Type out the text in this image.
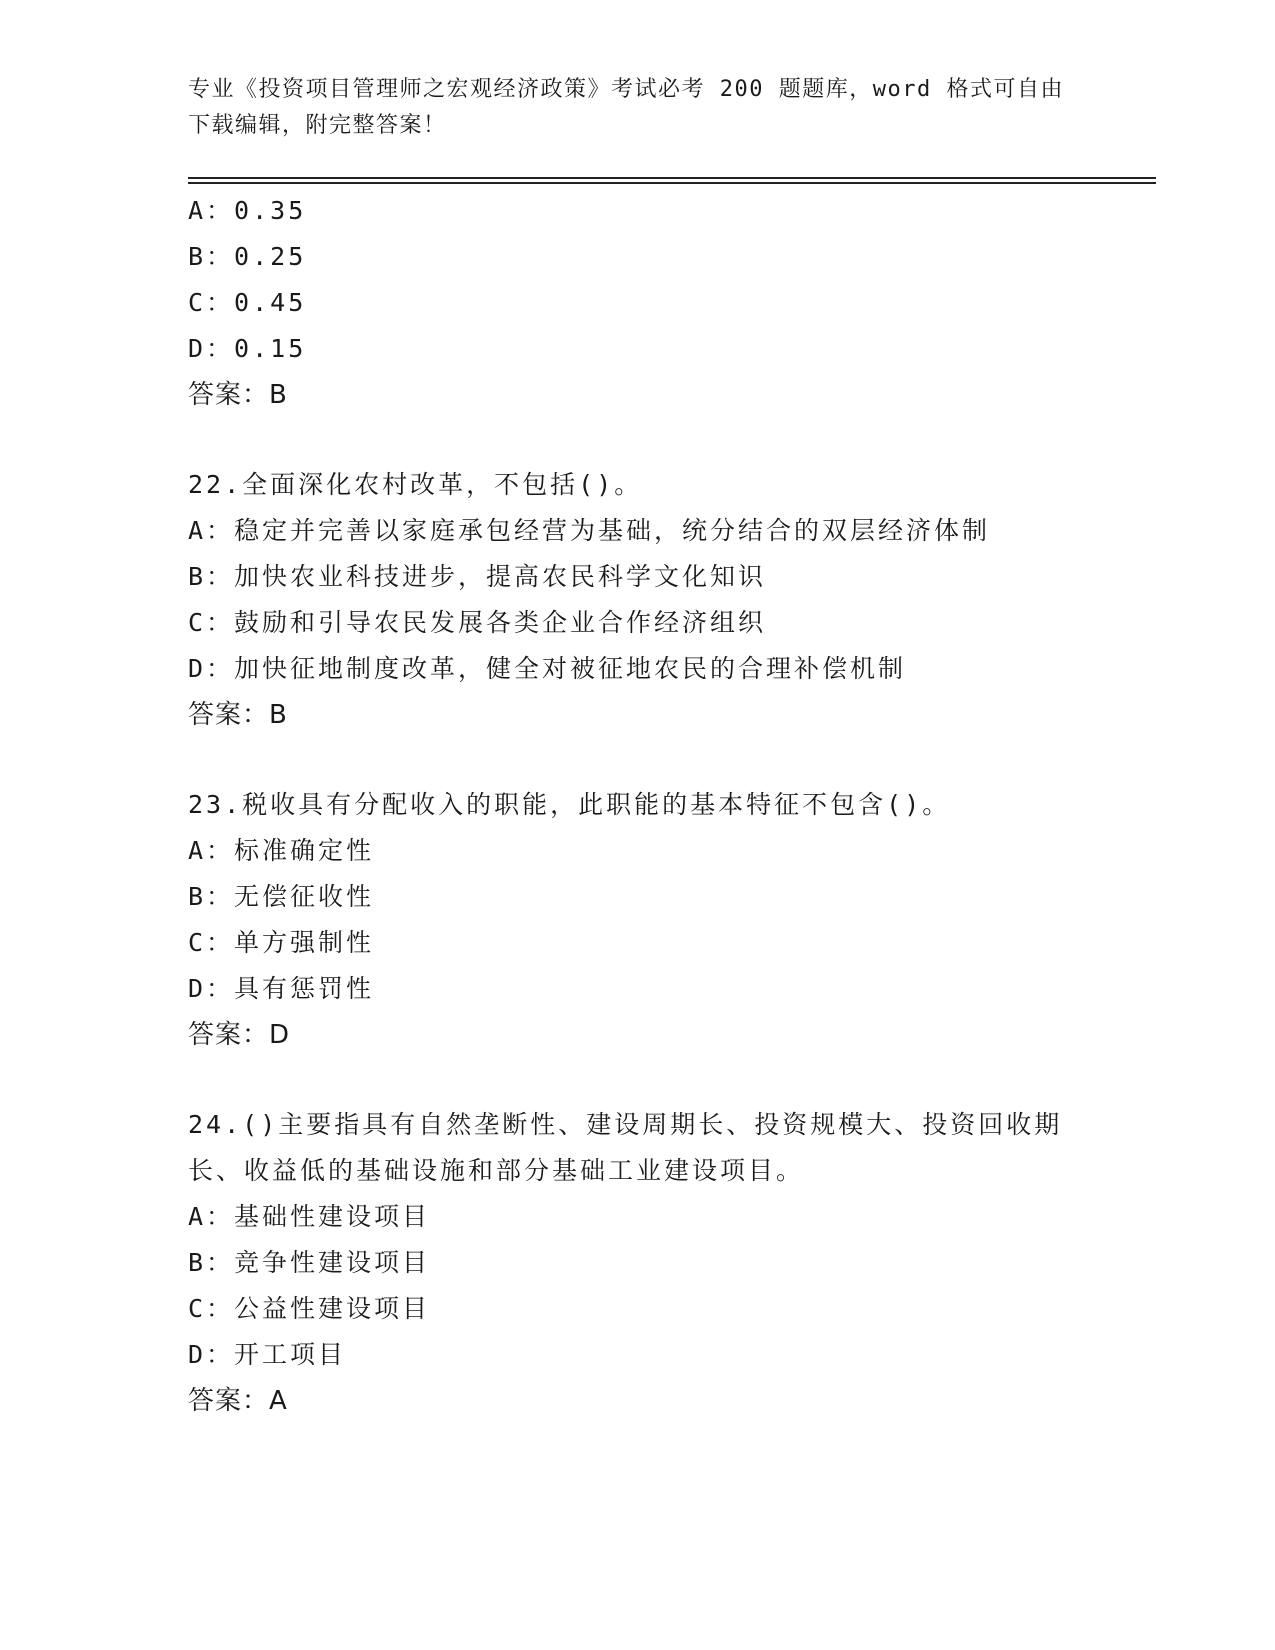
专业《投资项目管理师之宏观经济政策》考试必考 200 题题库，word 格式可自由
下载编辑，附完整答案！
A：0.35
B：0.25
C：0.45
D：0.15
答案：B
22.全面深化农村改革，不包括()。
A：稳定并完善以家庭承包经营为基础，统分结合的双层经济体制
B：加快农业科技进步，提高农民科学文化知识
C：鼓励和引导农民发展各类企业合作经济组织
D：加快征地制度改革，健全对被征地农民的合理补偿机制
答案：B
23.税收具有分配收入的职能，此职能的基本特征不包含()。
A：标准确定性
B：无偿征收性
C：单方强制性
D：具有惩罚性
答案：D
24.()主要指具有自然垄断性、建设周期长、投资规模大、投资回收期
长、收益低的基础设施和部分基础工业建设项目。
A：基础性建设项目
B：竞争性建设项目
C：公益性建设项目
D：开工项目
答案：A
